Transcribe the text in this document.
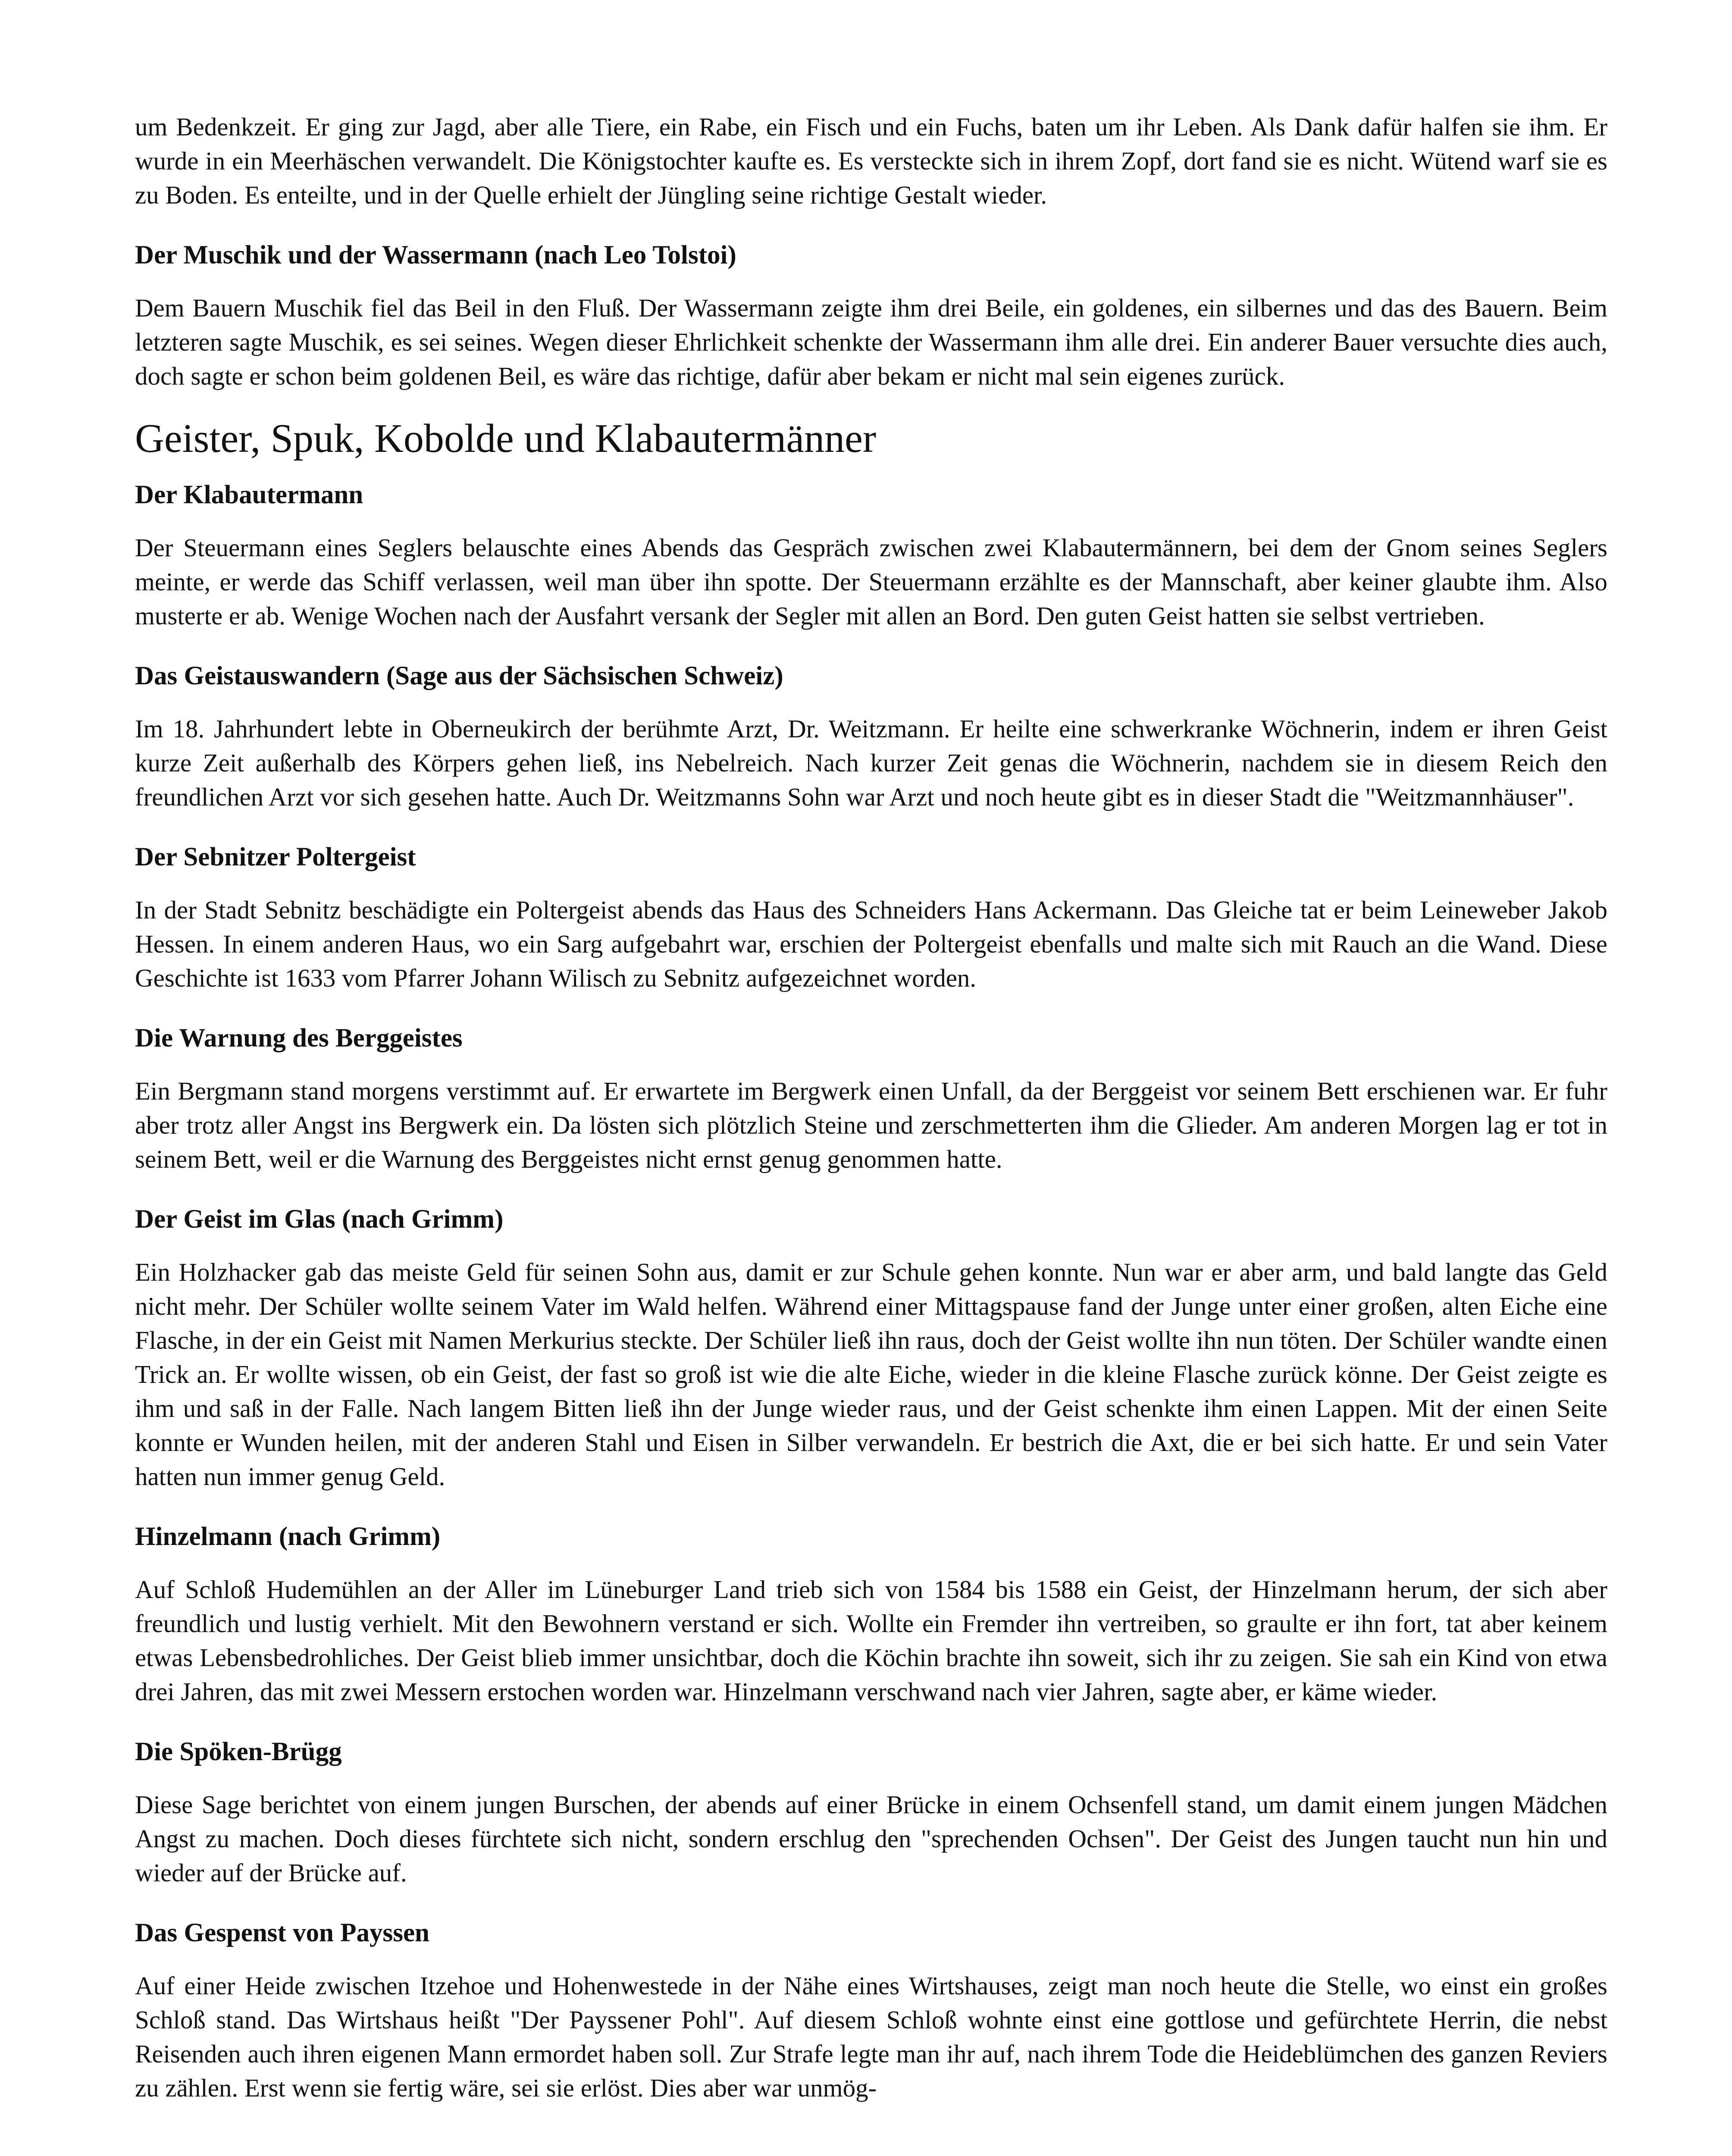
um Bedenkzeit. Er ging zur Jagd, aber alle Tiere, ein Rabe, ein Fisch und ein Fuchs, baten um ihr Leben. Als Dank dafür halfen sie ihm. Er wurde in ein Meerhäschen verwandelt. Die Königstochter kaufte es. Es versteckte sich in ihrem Zopf, dort fand sie es nicht. Wütend warf sie es zu Boden. Es enteilte, und in der Quelle erhielt der Jüngling seine richtige Gestalt wieder.

Der Muschik und der Wassermann (nach Leo Tolstoi)

Dem Bauern Muschik fiel das Beil in den Fluß. Der Wassermann zeigte ihm drei Beile, ein goldenes, ein silbernes und das des Bauern. Beim letzteren sagte Muschik, es sei seines. Wegen dieser Ehrlichkeit schenkte der Wassermann ihm alle drei. Ein anderer Bauer versuchte dies auch, doch sagte er schon beim goldenen Beil, es wäre das richtige, dafür aber bekam er nicht mal sein eigenes zurück.

Geister, Spuk, Kobolde und Klabautermänner
Der Klabautermann

Der Steuermann eines Seglers belauschte eines Abends das Gespräch zwischen zwei Klabautermännern, bei dem der Gnom seines Seglers meinte, er werde das Schiff verlassen, weil man über ihn spotte. Der Steuermann erzählte es der Mannschaft, aber keiner glaubte ihm. Also musterte er ab. Wenige Wochen nach der Ausfahrt versank der Segler mit allen an Bord. Den guten Geist hatten sie selbst vertrieben.

Das Geistauswandern (Sage aus der Sächsischen Schweiz)

Im 18. Jahrhundert lebte in Oberneukirch der berühmte Arzt, Dr. Weitzmann. Er heilte eine schwerkranke Wöchnerin, indem er ihren Geist kurze Zeit außerhalb des Körpers gehen ließ, ins Nebelreich. Nach kurzer Zeit genas die Wöchnerin, nachdem sie in diesem Reich den freundlichen Arzt vor sich gesehen hatte. Auch Dr. Weitzmanns Sohn war Arzt und noch heute gibt es in dieser Stadt die "Weitzmannhäuser".

Der Sebnitzer Poltergeist

In der Stadt Sebnitz beschädigte ein Poltergeist abends das Haus des Schneiders Hans Ackermann. Das Gleiche tat er beim Leineweber Jakob Hessen. In einem anderen Haus, wo ein Sarg aufgebahrt war, erschien der Poltergeist ebenfalls und malte sich mit Rauch an die Wand. Diese Geschichte ist 1633 vom Pfarrer Johann Wilisch zu Sebnitz aufgezeichnet worden.

Die Warnung des Berggeistes

Ein Bergmann stand morgens verstimmt auf. Er erwartete im Bergwerk einen Unfall, da der Berggeist vor seinem Bett erschienen war. Er fuhr aber trotz aller Angst ins Bergwerk ein. Da lösten sich plötzlich Steine und zerschmetterten ihm die Glieder. Am anderen Morgen lag er tot in seinem Bett, weil er die Warnung des Berggeistes nicht ernst genug genommen hatte.

Der Geist im Glas (nach Grimm)

Ein Holzhacker gab das meiste Geld für seinen Sohn aus, damit er zur Schule gehen konnte. Nun war er aber arm, und bald langte das Geld nicht mehr. Der Schüler wollte seinem Vater im Wald helfen. Während einer Mittagspause fand der Junge unter einer großen, alten Eiche eine Flasche, in der ein Geist mit Namen Merkurius steckte. Der Schüler ließ ihn raus, doch der Geist wollte ihn nun töten. Der Schüler wandte einen Trick an. Er wollte wissen, ob ein Geist, der fast so groß ist wie die alte Eiche, wieder in die kleine Flasche zurück könne. Der Geist zeigte es ihm und saß in der Falle. Nach langem Bitten ließ ihn der Junge wieder raus, und der Geist schenkte ihm einen Lappen. Mit der einen Seite konnte er Wunden heilen, mit der anderen Stahl und Eisen in Silber verwandeln. Er bestrich die Axt, die er bei sich hatte. Er und sein Vater hatten nun immer genug Geld.

Hinzelmann (nach Grimm)

Auf Schloß Hudemühlen an der Aller im Lüneburger Land trieb sich von 1584 bis 1588 ein Geist, der Hinzelmann herum, der sich aber freundlich und lustig verhielt. Mit den Bewohnern verstand er sich. Wollte ein Fremder ihn vertreiben, so graulte er ihn fort, tat aber keinem etwas Lebensbedrohliches. Der Geist blieb immer unsichtbar, doch die Köchin brachte ihn soweit, sich ihr zu zeigen. Sie sah ein Kind von etwa drei Jahren, das mit zwei Messern erstochen worden war. Hinzelmann verschwand nach vier Jahren, sagte aber, er käme wieder.

Die Spöken-Brügg

Diese Sage berichtet von einem jungen Burschen, der abends auf einer Brücke in einem Ochsenfell stand, um damit einem jungen Mädchen Angst zu machen. Doch dieses fürchtete sich nicht, sondern erschlug den "sprechenden Ochsen". Der Geist des Jungen taucht nun hin und wieder auf der Brücke auf.

Das Gespenst von Payssen

Auf einer Heide zwischen Itzehoe und Hohenwestede in der Nähe eines Wirtshauses, zeigt man noch heute die Stelle, wo einst ein großes Schloß stand. Das Wirtshaus heißt "Der Payssener Pohl". Auf diesem Schloß wohnte einst eine gottlose und gefürchtete Herrin, die nebst Reisenden auch ihren eigenen Mann ermordet haben soll. Zur Strafe legte man ihr auf, nach ihrem Tode die Heideblümchen des ganzen Reviers zu zählen. Erst wenn sie fertig wäre, sei sie erlöst. Dies aber war unmög-
